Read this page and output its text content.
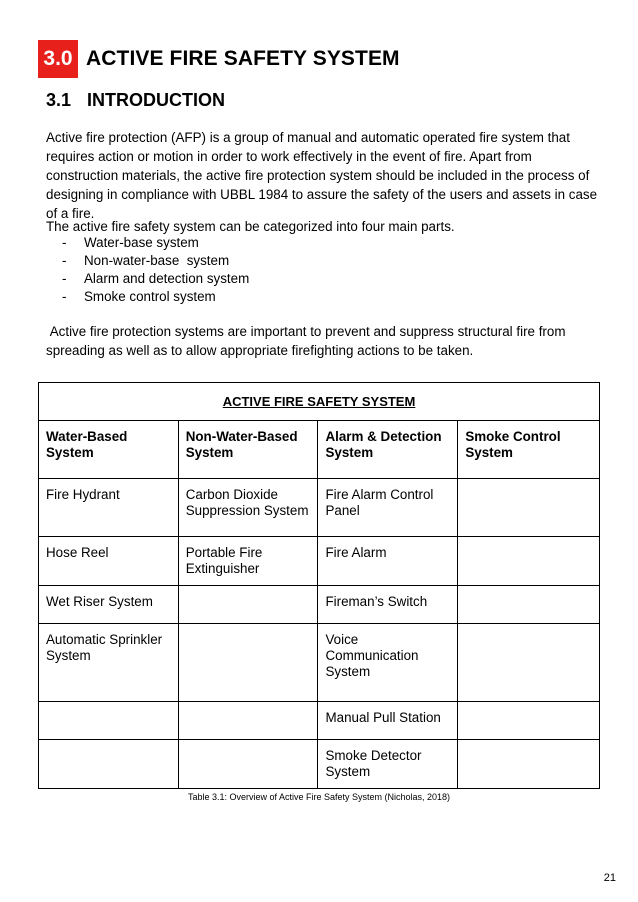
3.0 ACTIVE FIRE SAFETY SYSTEM
3.1 INTRODUCTION

Active fire protection (AFP) is a group of manual and automatic operated fire system that requires action or motion in order to work effectively in the event of fire. Apart from construction materials, the active fire protection system should be included in the process of designing in compliance with UBBL 1984 to assure the safety of the users and assets in case of a fire.

The active fire safety system can be categorized into four main parts.

-	Water-base system
-	Non-water-base  system
-	Alarm and detection system
-	Smoke control system

Active fire protection systems are important to prevent and suppress structural fire from spreading as well as to allow appropriate firefighting actions to be taken.

ACTIVE FIRE SAFETY SYSTEM			
Water-Based System	Non-Water-Based System	Alarm & Detection System	Smoke Control System
Fire Hydrant	Carbon Dioxide Suppression System	Fire Alarm Control Panel	
Hose Reel	Portable Fire Extinguisher	Fire Alarm	
Wet Riser System		Fireman’s Switch	
Automatic Sprinkler System		Voice Communication System	
		Manual Pull Station	
		Smoke Detector System	
Table 3.1: Overview of Active Fire Safety System (Nicholas, 2018)
21
